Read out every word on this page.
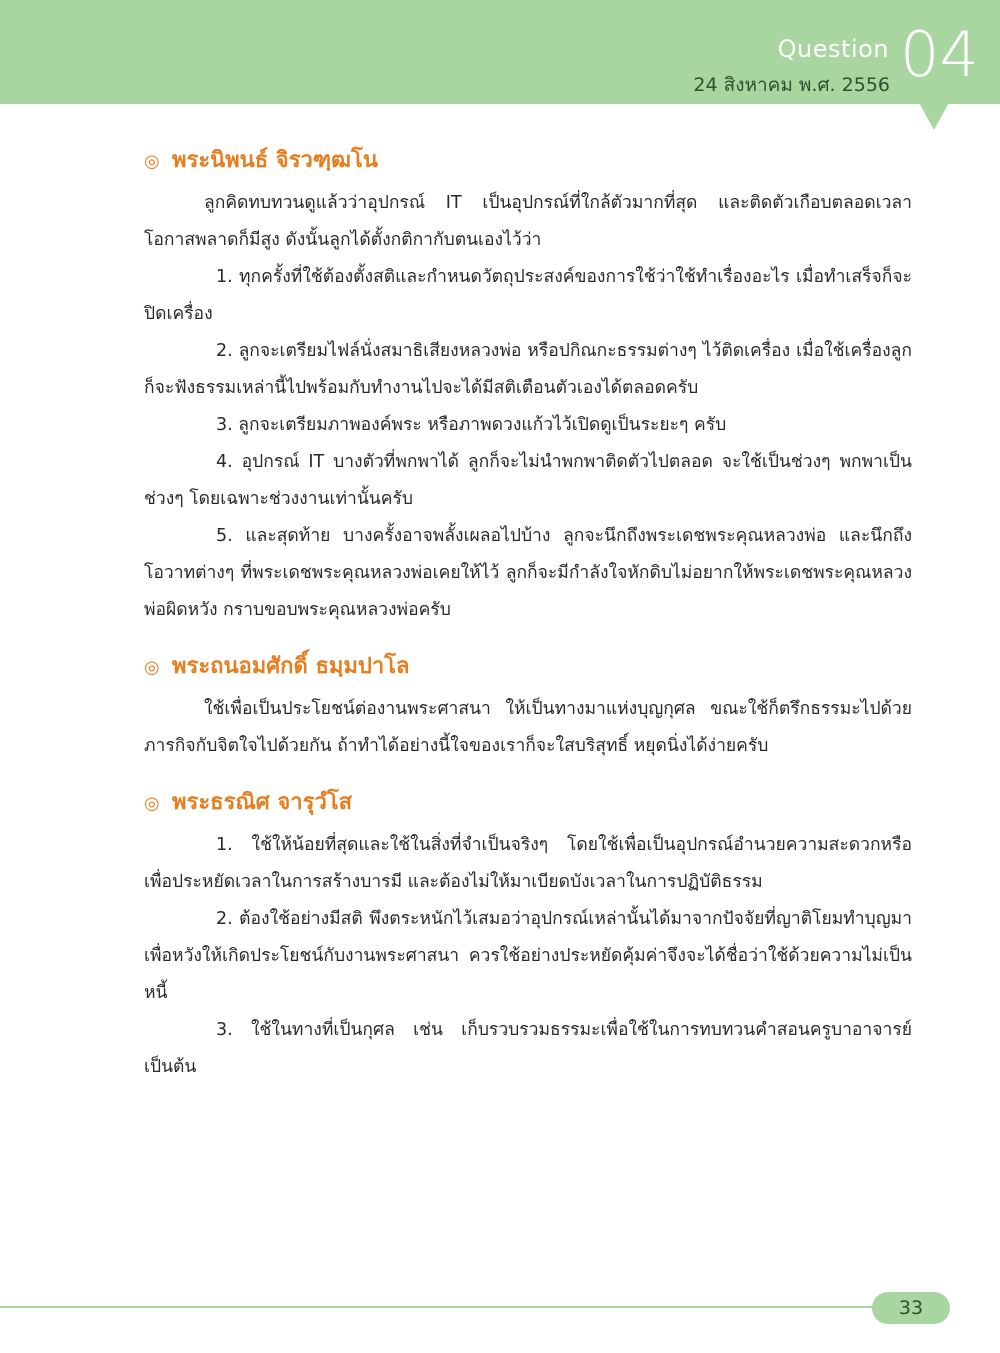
Question
24 สิงหาคม พ.ศ. 2556 04
◎ พระนิพนธ์ จิรวฑฺฒโน

ลูกคิดทบทวนดูแล้วว่าอุปกรณ์ IT เป็นอุปกรณ์ที่ใกล้ตัวมากที่สุด และติดตัวเกือบตลอดเวลา โอกาสพลาดก็มีสูง ดังนั้นลูกได้ตั้งกติกากับตนเองไว้ว่า

1. ทุกครั้งที่ใช้ต้องตั้งสติและกำหนดวัตถุประสงค์ของการใช้ว่าใช้ทำเรื่องอะไร เมื่อทำเสร็จก็จะปิดเครื่อง

2. ลูกจะเตรียมไฟล์นั่งสมาธิเสียงหลวงพ่อ หรือปกิณกะธรรมต่างๆ ไว้ติดเครื่อง เมื่อใช้เครื่องลูกก็จะฟังธรรมเหล่านี้ไปพร้อมกับทำงานไปจะได้มีสติเตือนตัวเองได้ตลอดครับ

3. ลูกจะเตรียมภาพองค์พระ หรือภาพดวงแก้วไว้เปิดดูเป็นระยะๆ ครับ

4. อุปกรณ์ IT บางตัวที่พกพาได้ ลูกก็จะไม่นำพกพาติดตัวไปตลอด จะใช้เป็นช่วงๆ พกพาเป็นช่วงๆ โดยเฉพาะช่วงงานเท่านั้นครับ

5. และสุดท้าย บางครั้งอาจพลั้งเผลอไปบ้าง ลูกจะนึกถึงพระเดชพระคุณหลวงพ่อ และนึกถึงโอวาทต่างๆ ที่พระเดชพระคุณหลวงพ่อเคยให้ไว้ ลูกก็จะมีกำลังใจหักดิบไม่อยากให้พระเดชพระคุณหลวงพ่อผิดหวัง กราบขอบพระคุณหลวงพ่อครับ

◎ พระถนอมศักดิ์ ธมฺมปาโล

ใช้เพื่อเป็นประโยชน์ต่องานพระศาสนา ให้เป็นทางมาแห่งบุญกุศล ขณะใช้ก็ตรึกธรรมะไปด้วย ภารกิจกับจิตใจไปด้วยกัน ถ้าทำได้อย่างนี้ใจของเราก็จะใสบริสุทธิ์ หยุดนิ่งได้ง่ายครับ

◎ พระธรณิศ จารุวํโส

1. ใช้ให้น้อยที่สุดและใช้ในสิ่งที่จำเป็นจริงๆ โดยใช้เพื่อเป็นอุปกรณ์อำนวยความสะดวกหรือเพื่อประหยัดเวลาในการสร้างบารมี และต้องไม่ให้มาเบียดบังเวลาในการปฏิบัติธรรม

2. ต้องใช้อย่างมีสติ พึงตระหนักไว้เสมอว่าอุปกรณ์เหล่านั้นได้มาจากปัจจัยที่ญาติโยมทำบุญมาเพื่อหวังให้เกิดประโยชน์กับงานพระศาสนา ควรใช้อย่างประหยัดคุ้มค่าจึงจะได้ชื่อว่าใช้ด้วยความไม่เป็นหนี้

3. ใช้ในทางที่เป็นกุศล เช่น เก็บรวบรวมธรรมะเพื่อใช้ในการทบทวนคำสอนครูบาอาจารย์ เป็นต้น

33
